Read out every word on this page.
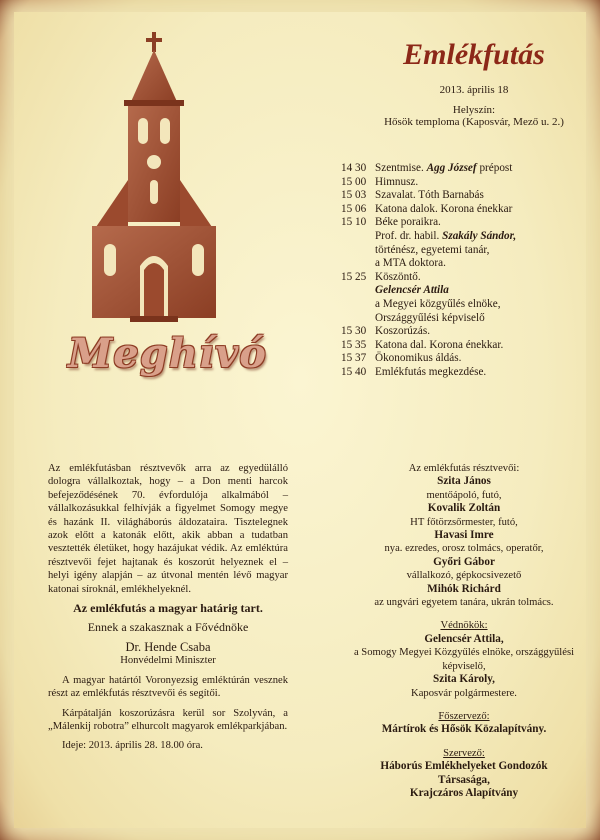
Meghívó
Emlékfutás
2013. április 18
Helyszín:
Hősök temploma (Kaposvár, Mező u. 2.)
14 30 Szentmise. Agg József prépost
15 00 Himnusz.
15 03 Szavalat. Tóth Barnabás
15 06 Katona dalok. Korona énekkar
15 10 Béke poraikra.
Prof. dr. habil. Szakály Sándor,
történész, egyetemi tanár,
a MTA doktora.
15 25 Köszöntő.
Gelencsér Attila
a Megyei közgyűlés elnöke,
Országgyűlési képviselő
15 30 Koszorúzás.
15 35 Katona dal. Korona énekkar.
15 37 Ökonomikus áldás.
15 40 Emlékfutás megkezdése.
Az emlékfutásban résztvevők arra az egyedülálló dologra vállalkoztak, hogy – a Don menti harcok befejeződésének 70. évfordulója alkalmából – vállalkozásukkal felhívják a figyelmet Somogy megye és hazánk II. világháborús áldozataira. Tisztelegnek azok előtt a katonák előtt, akik abban a tudatban vesztették életüket, hogy hazájukat védik. Az emléktúra résztvevői fejet hajtanak és koszorút helyeznek el – helyi igény alapján – az útvonal mentén lévő magyar katonai síroknál, emlékhelyeknél.
Az emlékfutás a magyar határig tart.
Ennek a szakasznak a Fővédnöke
Dr. Hende Csaba
Honvédelmi Miniszter
A magyar határtól Voronyezsig emléktúrán vesznek részt az emlékfutás résztvevői és segítői.
Kárpátalján koszorúzásra kerül sor Szolyván, a „Málenkij robotra” elhurcolt magyarok emlékparkjában.
Ideje: 2013. április 28. 18.00 óra.
Az emlékfutás résztvevői:
Szita János
mentőápoló, futó,
Kovalik Zoltán
HT főtörzsőrmester, futó,
Havasi Imre
nya. ezredes, orosz tolmács, operatőr,
Győri Gábor
vállalkozó, gépkocsivezető
Mihók Richárd
az ungvári egyetem tanára, ukrán tolmács.
Védnökök:
Gelencsér Attila,
a Somogy Megyei Közgyűlés elnöke, országgyűlési képviselő,
Szita Károly,
Kaposvár polgármestere.
Főszervező:
Mártírok és Hősök Közalapítvány.
Szervező:
Háborús Emlékhelyeket Gondozók
Társasága,
Krajczáros Alapítvány
